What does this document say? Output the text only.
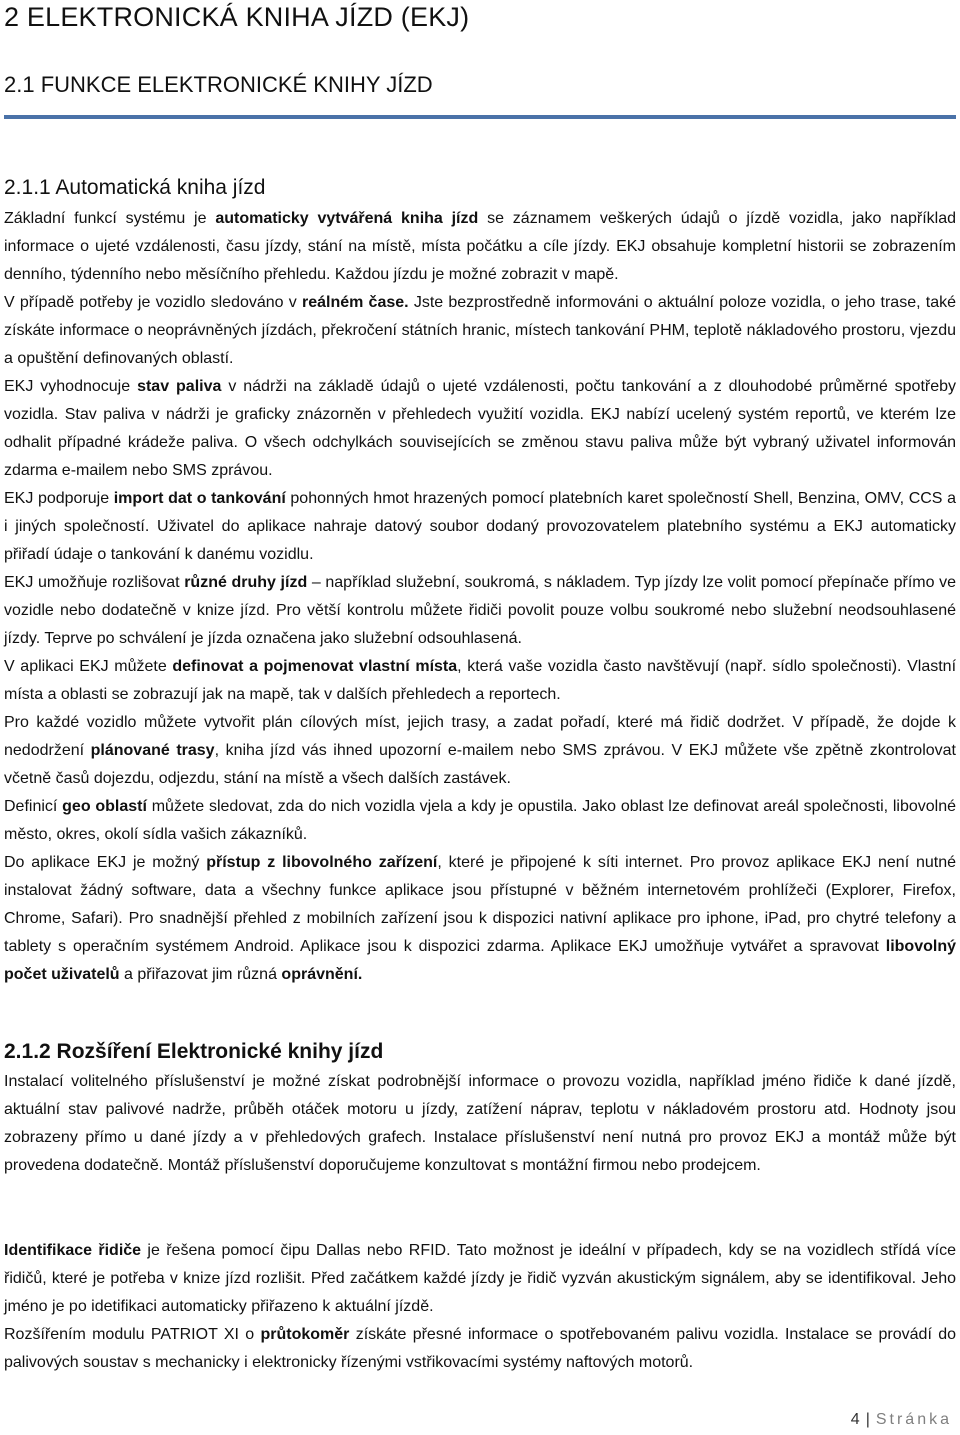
2 ELEKTRONICKÁ KNIHA JÍZD (EKJ)
2.1 FUNKCE ELEKTRONICKÉ KNIHY JÍZD
2.1.1 Automatická kniha jízd

Základní funkcí systému je automaticky vytvářená kniha jízd se záznamem veškerých údajů o jízdě vozidla, jako například informace o ujeté vzdálenosti, času jízdy, stání na místě, místa počátku a cíle jízdy. EKJ obsahuje kompletní historii se zobrazením denního, týdenního nebo měsíčního přehledu. Každou jízdu je možné zobrazit v mapě.

V případě potřeby je vozidlo sledováno v reálném čase. Jste bezprostředně informováni o aktuální poloze vozidla, o jeho trase, také získáte informace o neoprávněných jízdách, překročení státních hranic, místech tankování PHM, teplotě nákladového prostoru, vjezdu a opuštění definovaných oblastí.

EKJ vyhodnocuje stav paliva v nádrži na základě údajů o ujeté vzdálenosti, počtu tankování a z dlouhodobé průměrné spotřeby vozidla. Stav paliva v nádrži je graficky znázorněn v přehledech využití vozidla. EKJ nabízí ucelený systém reportů, ve kterém lze odhalit případné krádeže paliva. O všech odchylkách souvisejících se změnou stavu paliva může být vybraný uživatel informován zdarma e-mailem nebo SMS zprávou.

EKJ podporuje import dat o tankování pohonných hmot hrazených pomocí platebních karet společností Shell, Benzina, OMV, CCS a i jiných společností. Uživatel do aplikace nahraje datový soubor dodaný provozovatelem platebního systému a EKJ automaticky přiřadí údaje o tankování k danému vozidlu.

EKJ umožňuje rozlišovat různé druhy jízd – například služební, soukromá, s nákladem. Typ jízdy lze volit pomocí přepínače přímo ve vozidle nebo dodatečně v knize jízd. Pro větší kontrolu můžete řidiči povolit pouze volbu soukromé nebo služební neodsouhlasené jízdy. Teprve po schválení je jízda označena jako služební odsouhlasená.

V aplikaci EKJ můžete definovat a pojmenovat vlastní místa, která vaše vozidla často navštěvují (např. sídlo společnosti). Vlastní místa a oblasti se zobrazují jak na mapě, tak v dalších přehledech a reportech.

Pro každé vozidlo můžete vytvořit plán cílových míst, jejich trasy, a zadat pořadí, které má řidič dodržet. V případě, že dojde k nedodržení plánované trasy, kniha jízd vás ihned upozorní e-mailem nebo SMS zprávou. V EKJ můžete vše zpětně zkontrolovat včetně časů dojezdu, odjezdu, stání na místě a všech dalších zastávek.

Definicí geo oblastí můžete sledovat, zda do nich vozidla vjela a kdy je opustila. Jako oblast lze definovat areál společnosti, libovolné město, okres, okolí sídla vašich zákazníků.

Do aplikace EKJ je možný přístup z libovolného zařízení, které je připojené k síti internet. Pro provoz aplikace EKJ není nutné instalovat žádný software, data a všechny funkce aplikace jsou přístupné v běžném internetovém prohlížeči (Explorer, Firefox, Chrome, Safari). Pro snadnější přehled z mobilních zařízení jsou k dispozici nativní aplikace pro iphone, iPad, pro chytré telefony a tablety s operačním systémem Android. Aplikace jsou k dispozici zdarma. Aplikace EKJ umožňuje vytvářet a spravovat libovolný počet uživatelů a přiřazovat jim různá oprávnění.

2.1.2 Rozšíření Elektronické knihy jízd

Instalací volitelného příslušenství je možné získat podrobnější informace o provozu vozidla, například jméno řidiče k dané jízdě, aktuální stav palivové nadrže, průběh otáček motoru u jízdy, zatížení náprav, teplotu v nákladovém prostoru atd. Hodnoty jsou zobrazeny přímo u dané jízdy a v přehledových grafech. Instalace příslušenství není nutná pro provoz EKJ a montáž může být provedena dodatečně. Montáž příslušenství doporučujeme konzultovat s montážní firmou nebo prodejcem.

Identifikace řidiče je řešena pomocí čipu Dallas nebo RFID. Tato možnost je ideální v případech, kdy se na vozidlech střídá více řidičů, které je potřeba v knize jízd rozlišit. Před začátkem každé jízdy je řidič vyzván akustickým signálem, aby se identifikoval. Jeho jméno je po idetifikaci automaticky přiřazeno k aktuální jízdě.

Rozšířením modulu PATRIOT XI o průtokoměr získáte přesné informace o spotřebovaném palivu vozidla. Instalace se provádí do palivových soustav s mechanicky i elektronicky řízenými vstřikovacími systémy naftových motorů.

4 | Stránka
